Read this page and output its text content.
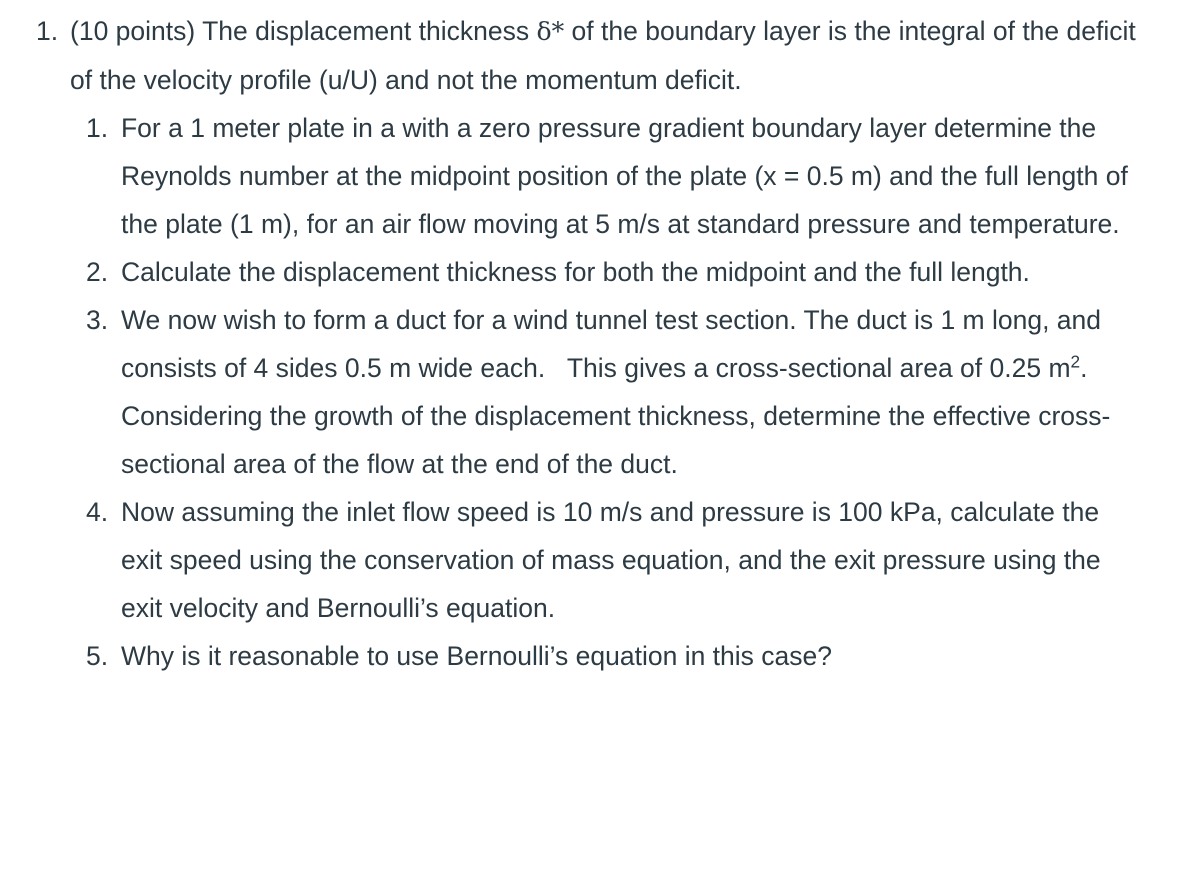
1. (10 points) The displacement thickness δ* of the boundary layer is the integral of the deficit of the velocity profile (u/U) and not the momentum deficit.
1. For a 1 meter plate in a with a zero pressure gradient boundary layer determine the Reynolds number at the midpoint position of the plate (x = 0.5 m) and the full length of the plate (1 m), for an air flow moving at 5 m/s at standard pressure and temperature.
2. Calculate the displacement thickness for both the midpoint and the full length.
3. We now wish to form a duct for a wind tunnel test section. The duct is 1 m long, and consists of 4 sides 0.5 m wide each.   This gives a cross-sectional area of 0.25 $m^2$. Considering the growth of the displacement thickness, determine the effective cross-sectional area of the flow at the end of the duct.
4. Now assuming the inlet flow speed is 10 m/s and pressure is 100 kPa, calculate the exit speed using the conservation of mass equation, and the exit pressure using the exit velocity and Bernoulli’s equation.
5. Why is it reasonable to use Bernoulli’s equation in this case?
